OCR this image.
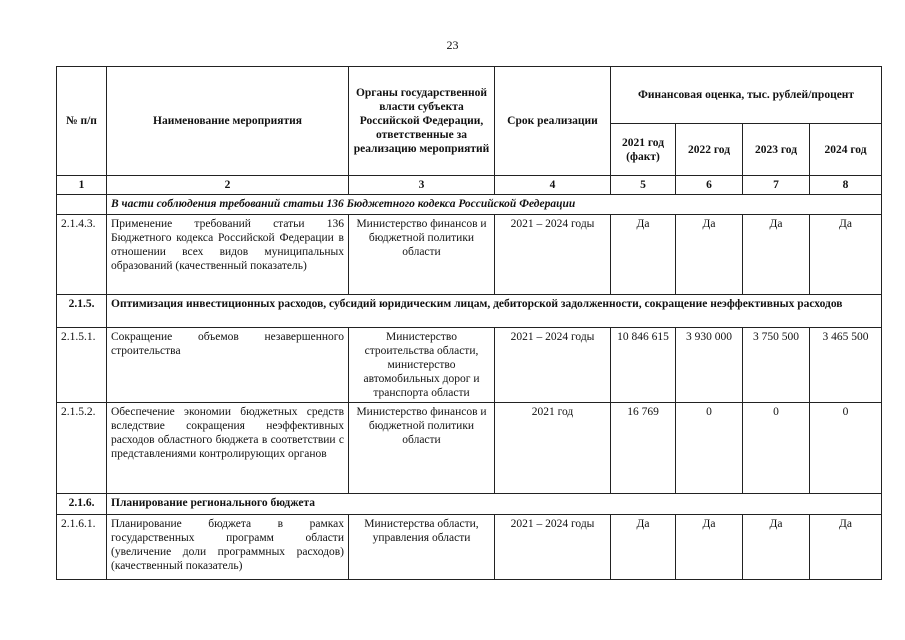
23
№ п/п	Наименование мероприятия	Органы государственной власти субъекта Российской Федерации, ответственные за реализацию мероприятий	Срок реализации	Финансовая оценка, тыс. рублей/процент			
				2021 год (факт)	2022 год	2023 год	2024 год
1	2	3	4	5	6	7	8
	В части соблюдения требований статьи 136 Бюджетного кодекса Российской Федерации						
2.1.4.3.	Применение требований статьи 136 Бюджетного кодекса Российской Федерации в отношении всех видов муниципальных образований (качественный показатель)	Министерство финансов и бюджетной политики области	2021 – 2024 годы	Да	Да	Да	Да
2.1.5.	Оптимизация инвестиционных расходов, субсидий юридическим лицам, дебиторской задолженности, сокращение неэффективных расходов						
2.1.5.1.	Сокращение объемов незавершенного строительства	Министерство строительства области, министерство автомобильных дорог и транспорта области	2021 – 2024 годы	10 846 615	3 930 000	3 750 500	3 465 500
2.1.5.2.	Обеспечение экономии бюджетных средств вследствие сокращения неэффективных расходов областного бюджета в соответствии с представлениями контролирующих органов	Министерство финансов и бюджетной политики области	2021 год	16 769	0	0	0
2.1.6.	Планирование регионального бюджета						
2.1.6.1.	Планирование бюджета в рамках государственных программ области (увеличение доли программных расходов) (качественный показатель)	Министерства области, управления области	2021 – 2024 годы	Да	Да	Да	Да
